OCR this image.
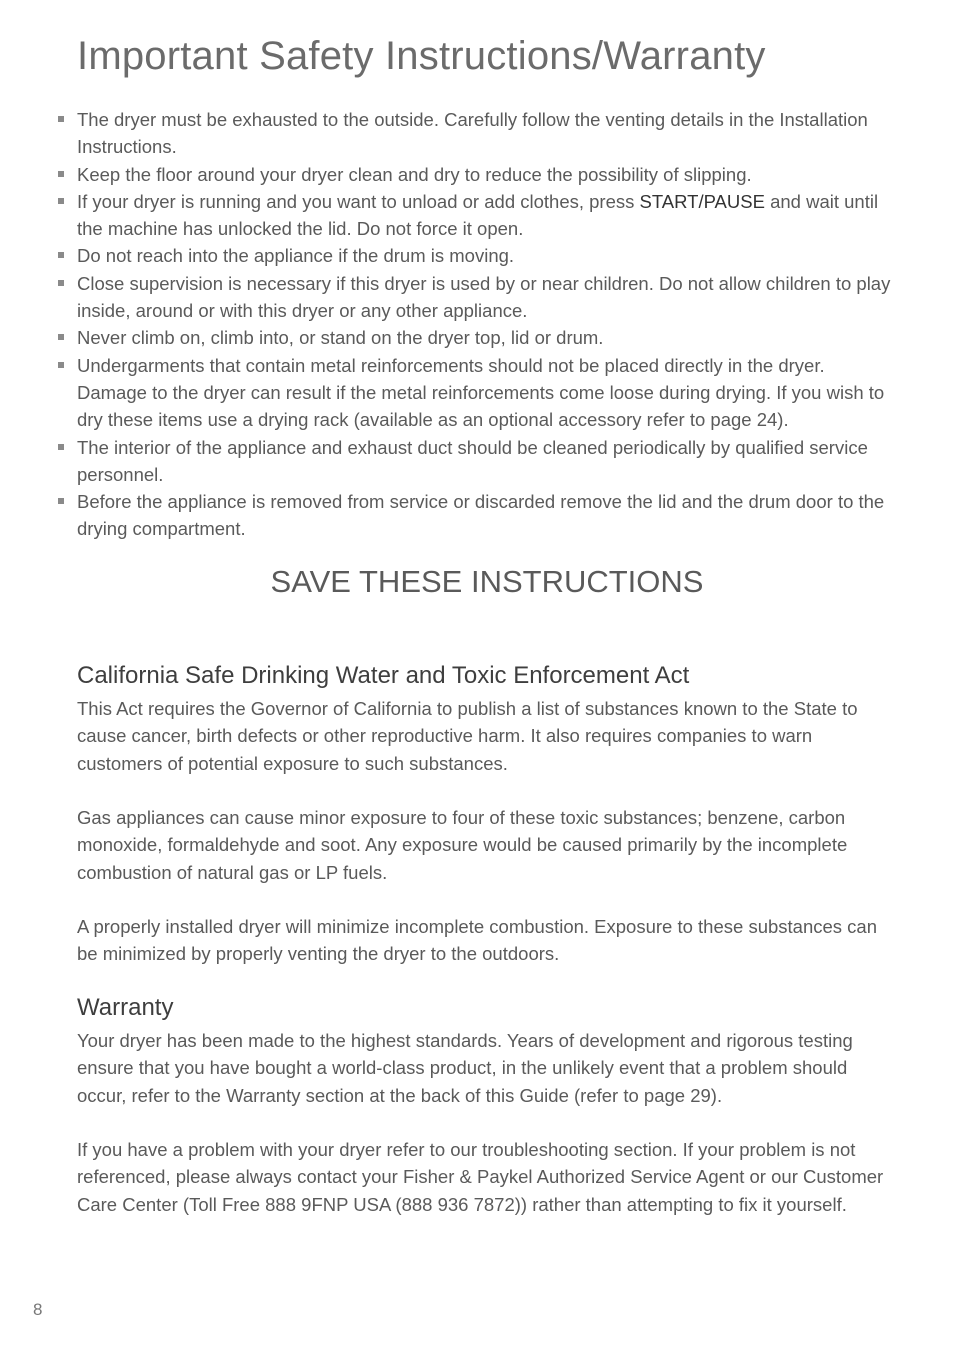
Important Safety Instructions/Warranty
The dryer must be exhausted to the outside. Carefully follow the venting details in the Installation Instructions.
Keep the floor around your dryer clean and dry to reduce the possibility of slipping.
If your dryer is running and you want to unload or add clothes, press START/PAUSE and wait until the machine has unlocked the lid. Do not force it open.
Do not reach into the appliance if the drum is moving.
Close supervision is necessary if this dryer is used by or near children. Do not allow children to play inside, around or with this dryer or any other appliance.
Never climb on, climb into, or stand on the dryer top, lid or drum.
Undergarments that contain metal reinforcements should not be placed directly in the dryer. Damage to the dryer can result if the metal reinforcements come loose during drying. If you wish to dry these items use a drying rack (available as an optional accessory refer to page 24).
The interior of the appliance and exhaust duct should be cleaned periodically by qualified service personnel.
Before the appliance is removed from service or discarded remove the lid and the drum door to the drying compartment.
SAVE THESE INSTRUCTIONS
California Safe Drinking Water and Toxic Enforcement Act

This Act requires the Governor of California to publish a list of substances known to the State to cause cancer, birth defects or other reproductive harm. It also requires companies to warn customers of potential exposure to such substances.

Gas appliances can cause minor exposure to four of these toxic substances; benzene, carbon monoxide, formaldehyde and soot. Any exposure would be caused primarily by the incomplete combustion of natural gas or LP fuels.

A properly installed dryer will minimize incomplete combustion. Exposure to these substances can be minimized by properly venting the dryer to the outdoors.

Warranty

Your dryer has been made to the highest standards. Years of development and rigorous testing ensure that you have bought a world-class product, in the unlikely event that a problem should occur, refer to the Warranty section at the back of this Guide (refer to page 29).

If you have a problem with your dryer refer to our troubleshooting section. If your problem is not referenced, please always contact your Fisher & Paykel Authorized Service Agent or our Customer Care Center (Toll Free 888 9FNP USA (888 936 7872)) rather than attempting to fix it yourself.

8
